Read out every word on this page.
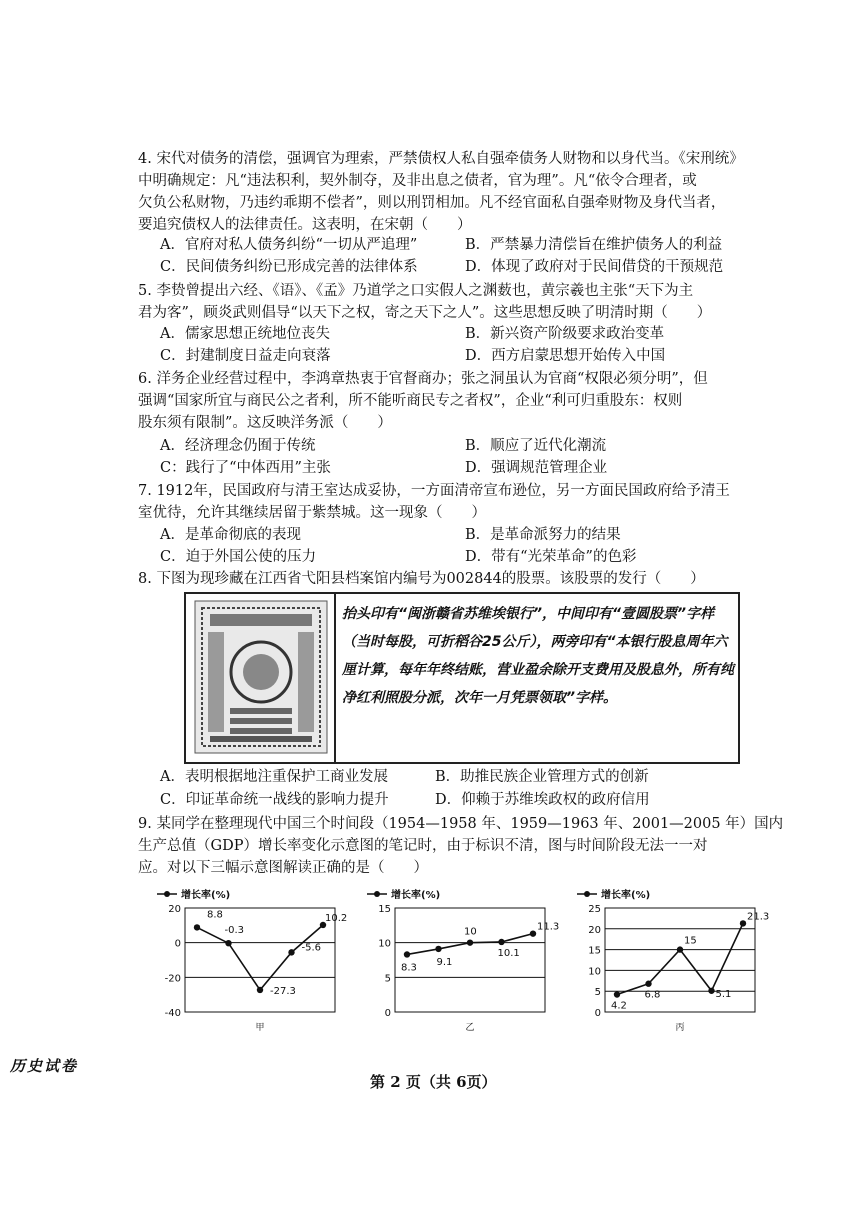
4. 宋代对债务的清偿，强调官为理索，严禁债权人私自强牵债务人财物和以身代当。《宋刑统》
中明确规定：凡“违法积利，契外制夺，及非出息之债者，官为理”。凡“依令合理者，或
欠负公私财物，乃违约乖期不偿者”，则以刑罚相加。凡不经官面私自强牵财物及身代当者，
要追究债权人的法律责任。这表明，在宋朝（　　）
A．官府对私人债务纠纷“一切从严追理”	B．严禁暴力清偿旨在维护债务人的利益
C．民间债务纠纷已形成完善的法律体系	D．体现了政府对于民间借贷的干预规范
5. 李贽曾提出六经、《语》、《孟》乃道学之口实假人之渊薮也，黄宗羲也主张“天下为主
君为客”，顾炎武则倡导“以天下之权，寄之天下之人”。这些思想反映了明清时期（　　）
A．儒家思想正统地位丧失	B．新兴资产阶级要求政治变革
C．封建制度日益走向衰落	D．西方启蒙思想开始传入中国
6. 洋务企业经营过程中，李鸿章热衷于官督商办；张之洞虽认为官商“权限必须分明”，但
强调“国家所宜与商民公之者利，所不能听商民专之者权”，企业“利可归重股东：权则
股东须有限制”。这反映洋务派（　　）
A．经济理念仍囿于传统	B．顺应了近代化潮流
C：践行了“中体西用”主张	D．强调规范管理企业
7. 1912年，民国政府与清王室达成妥协，一方面清帝宣布逊位，另一方面民国政府给予清王
室优待，允许其继续居留于紫禁城。这一现象（　　）
A．是革命彻底的表现	B．是革命派努力的结果
C．迫于外国公使的压力	D．带有“光荣革命”的色彩
8. 下图为现珍藏在江西省弋阳县档案馆内编号为002844的股票。该股票的发行（　　）
抬头印有“闽浙赣省苏维埃银行”，中间印有“壹圆股票”字样（当时每股，可折稻谷25公斤），两旁印有“本银行股息周年六厘计算，每年年终结账，营业盈余除开支费用及股息外，所有纯净红利照股分派，次年一月凭票领取”字样。
A．表明根据地注重保护工商业发展	B．助推民族企业管理方式的创新
C．印证革命统一战线的影响力提升	D．仰赖于苏维埃政权的政府信用
9. 某同学在整理现代中国三个时间段（1954—1958 年、1959—1963 年、2001—2005 年）国内
生产总值（GDP）增长率变化示意图的笔记时，由于标识不清，图与时间阶段无法一一对
应。对以下三幅示意图解读正确的是（　　）
增长率(%)
20
0
-20
-40
8.8
-0.3
-27.3
-5.6
10.2
甲
增长率(%)
15
10
5
0
8.3
9.1
10
10.1
11.3
乙
增长率(%)
25
20
15
10
5
0
4.2
6.8
15
5.1
21.3
丙
历史试卷
第 2 页（共 6页）
